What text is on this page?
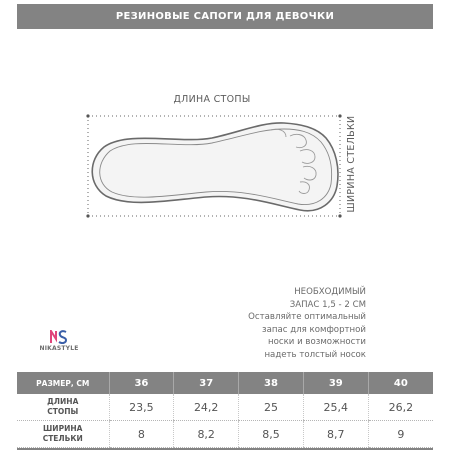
РЕЗИНОВЫЕ САПОГИ ДЛЯ ДЕВОЧКИ
ДЛИНА СТОПЫ
ШИРИНА СТЕЛЬКИ
НЕОБХОДИМЫЙ
ЗАПАС 1,5 - 2 СМ
Оставляйте оптимальный
запас для комфортной
носки и возможности
надеть толстый носок
NIKASTYLE
РАЗМЕР, СМ	36	37	38	39	40
ДЛИНА
СТОПЫ	23,5	24,2	25	25,4	26,2
ШИРИНА
СТЕЛЬКИ	8	8,2	8,5	8,7	9
